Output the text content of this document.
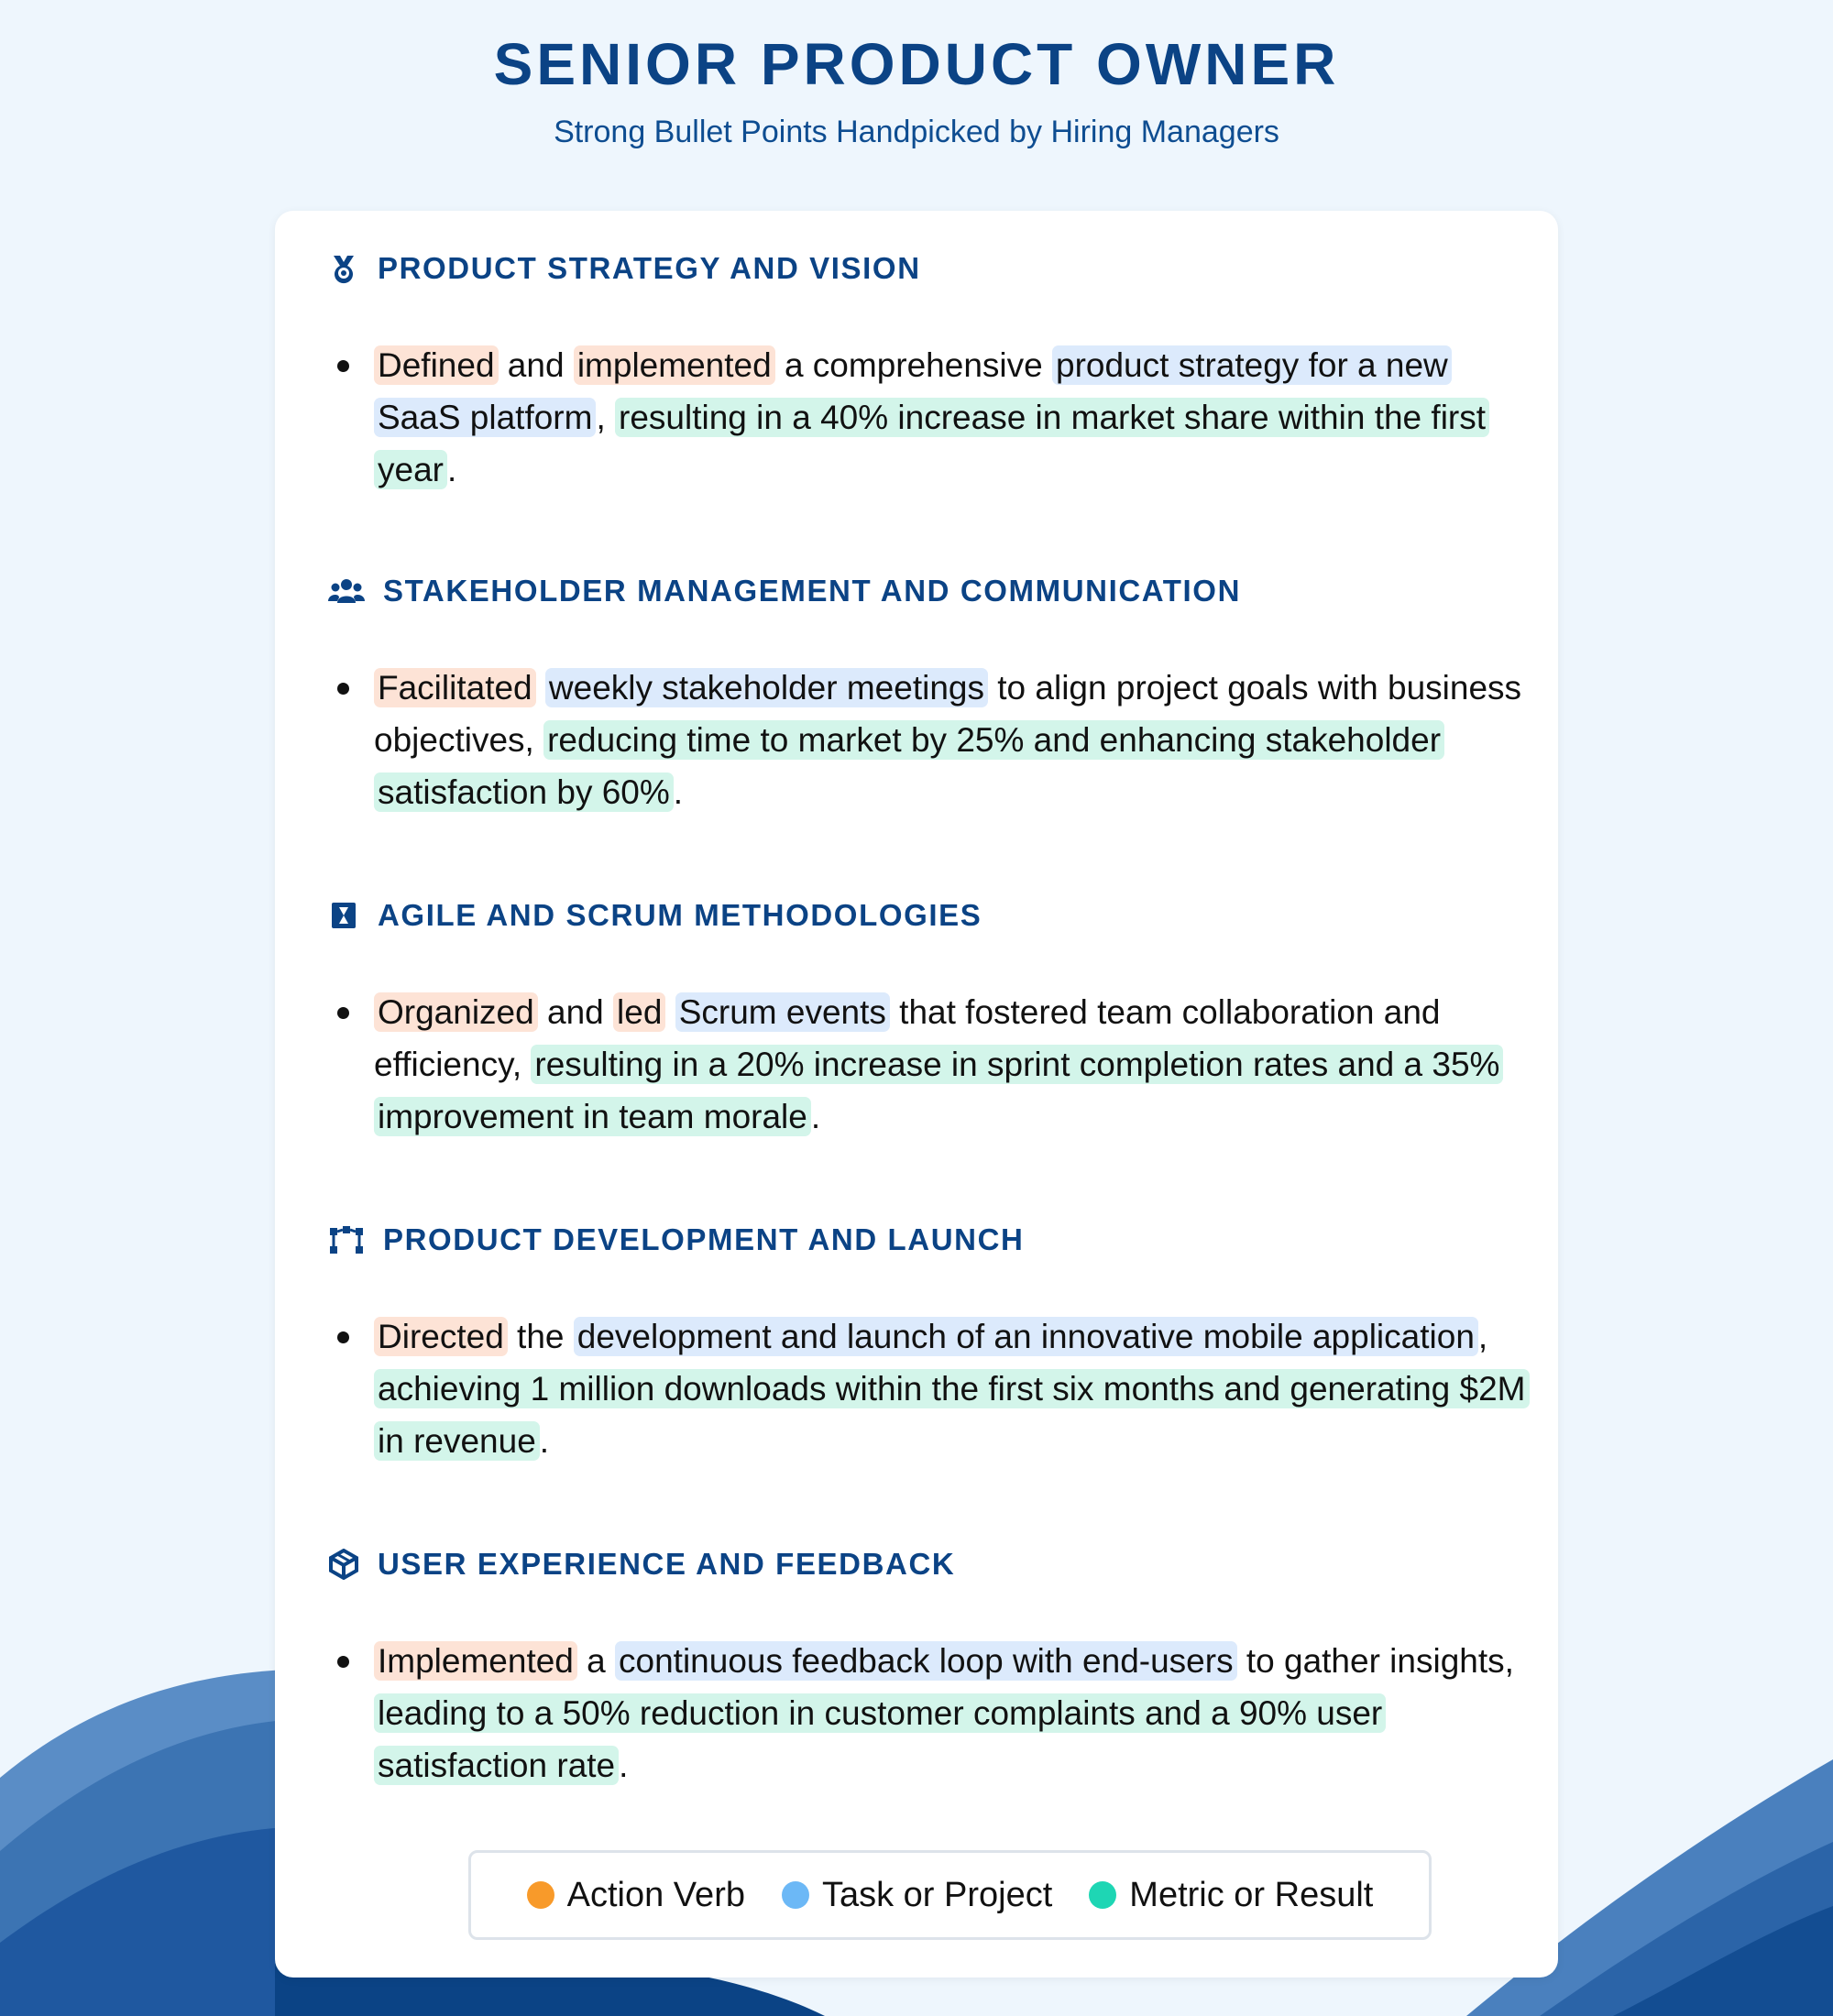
SENIOR PRODUCT OWNER
Strong Bullet Points Handpicked by Hiring Managers
PRODUCT STRATEGY AND VISION
Defined and implemented a comprehensive product strategy for a new SaaS platform , resulting in a 40% increase in market share within the first year .
STAKEHOLDER MANAGEMENT AND COMMUNICATION
Facilitated weekly stakeholder meetings to align project goals with business objectives, reducing time to market by 25% and enhancing stakeholder satisfaction by 60% .
AGILE AND SCRUM METHODOLOGIES
Organized and led Scrum events that fostered team collaboration and efficiency, resulting in a 20% increase in sprint completion rates and a 35% improvement in team morale .
PRODUCT DEVELOPMENT AND LAUNCH
Directed the development and launch of an innovative mobile application , achieving 1 million downloads within the first six months and generating $2M in revenue .
USER EXPERIENCE AND FEEDBACK
Implemented a continuous feedback loop with end-users to gather insights, leading to a 50% reduction in customer complaints and a 90% user satisfaction rate .
Action Verb Task or Project Metric or Result
